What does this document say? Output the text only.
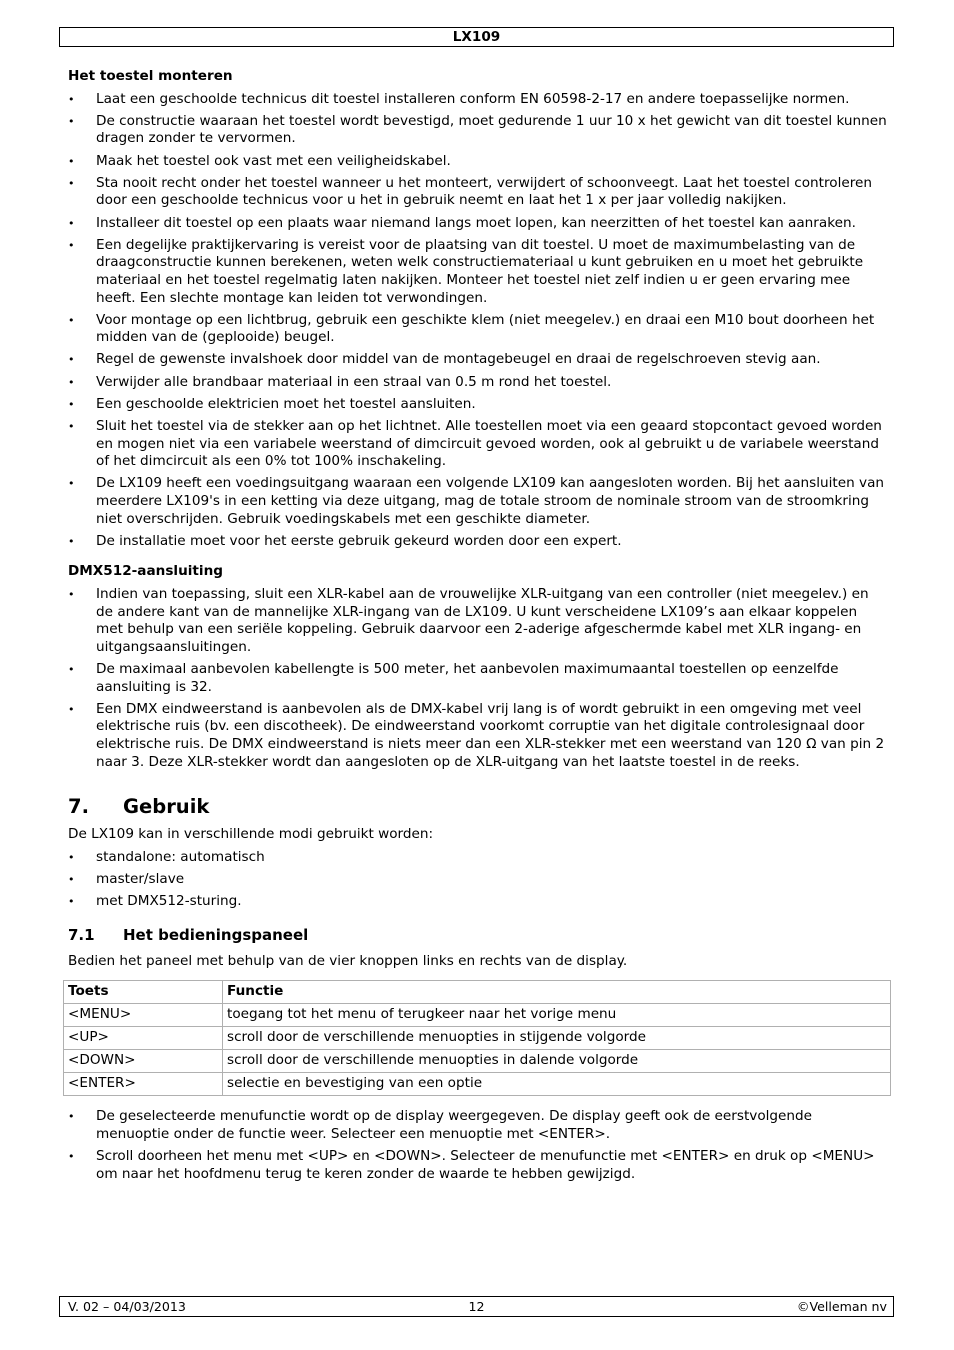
LX109
Het toestel monteren
• Laat een geschoolde technicus dit toestel installeren conform EN 60598-2-17 en andere toepasselijke normen.
• De constructie waaraan het toestel wordt bevestigd, moet gedurende 1 uur 10 x het gewicht van dit toestel kunnen dragen zonder te vervormen.
• Maak het toestel ook vast met een veiligheidskabel.
• Sta nooit recht onder het toestel wanneer u het monteert, verwijdert of schoonveegt. Laat het toestel controleren door een geschoolde technicus voor u het in gebruik neemt en laat het 1 x per jaar volledig nakijken.
• Installeer dit toestel op een plaats waar niemand langs moet lopen, kan neerzitten of het toestel kan aanraken.
• Een degelijke praktijkervaring is vereist voor de plaatsing van dit toestel. U moet de maximumbelasting van de draagconstructie kunnen berekenen, weten welk constructiemateriaal u kunt gebruiken en u moet het gebruikte materiaal en het toestel regelmatig laten nakijken. Monteer het toestel niet zelf indien u er geen ervaring mee heeft. Een slechte montage kan leiden tot verwondingen.
• Voor montage op een lichtbrug, gebruik een geschikte klem (niet meegelev.) en draai een M10 bout doorheen het midden van de (geplooide) beugel.
• Regel de gewenste invalshoek door middel van de montagebeugel en draai de regelschroeven stevig aan.
• Verwijder alle brandbaar materiaal in een straal van 0.5 m rond het toestel.
• Een geschoolde elektricien moet het toestel aansluiten.
• Sluit het toestel via de stekker aan op het lichtnet. Alle toestellen moet via een geaard stopcontact gevoed worden en mogen niet via een variabele weerstand of dimcircuit gevoed worden, ook al gebruikt u de variabele weerstand of het dimcircuit als een 0% tot 100% inschakeling.
• De LX109 heeft een voedingsuitgang waaraan een volgende LX109 kan aangesloten worden. Bij het aansluiten van meerdere LX109's in een ketting via deze uitgang, mag de totale stroom de nominale stroom van de stroomkring niet overschrijden. Gebruik voedingskabels met een geschikte diameter.
• De installatie moet voor het eerste gebruik gekeurd worden door een expert.
DMX512-aansluiting
• Indien van toepassing, sluit een XLR-kabel aan de vrouwelijke XLR-uitgang van een controller (niet meegelev.) en de andere kant van de mannelijke XLR-ingang van de LX109. U kunt verscheidene LX109’s aan elkaar koppelen met behulp van een seriële koppeling. Gebruik daarvoor een 2-aderige afgeschermde kabel met XLR ingang- en uitgangsaansluitingen.
• De maximaal aanbevolen kabellengte is 500 meter, het aanbevolen maximumaantal toestellen op eenzelfde aansluiting is 32.
• Een DMX eindweerstand is aanbevolen als de DMX-kabel vrij lang is of wordt gebruikt in een omgeving met veel elektrische ruis (bv. een discotheek). De eindweerstand voorkomt corruptie van het digitale controlesignaal door elektrische ruis. De DMX eindweerstand is niets meer dan een XLR-stekker met een weerstand van 120 Ω van pin 2 naar 3. Deze XLR-stekker wordt dan aangesloten op de XLR-uitgang van het laatste toestel in de reeks.
7. Gebruik

De LX109 kan in verschillende modi gebruikt worden:

• standalone: automatisch
• master/slave
• met DMX512-sturing.
7.1 Het bedieningspaneel

Bedien het paneel met behulp van de vier knoppen links en rechts van de display.

Toets	Functie
<MENU>	toegang tot het menu of terugkeer naar het vorige menu
<UP>	scroll door de verschillende menuopties in stijgende volgorde
<DOWN>	scroll door de verschillende menuopties in dalende volgorde
<ENTER>	selectie en bevestiging van een optie
• De geselecteerde menufunctie wordt op de display weergegeven. De display geeft ook de eerstvolgende menuoptie onder de functie weer. Selecteer een menuoptie met <ENTER>.
• Scroll doorheen het menu met <UP> en <DOWN>. Selecteer de menufunctie met <ENTER> en druk op <MENU> om naar het hoofdmenu terug te keren zonder de waarde te hebben gewijzigd.
V. 02 – 04/03/2013	12	©Velleman nv
